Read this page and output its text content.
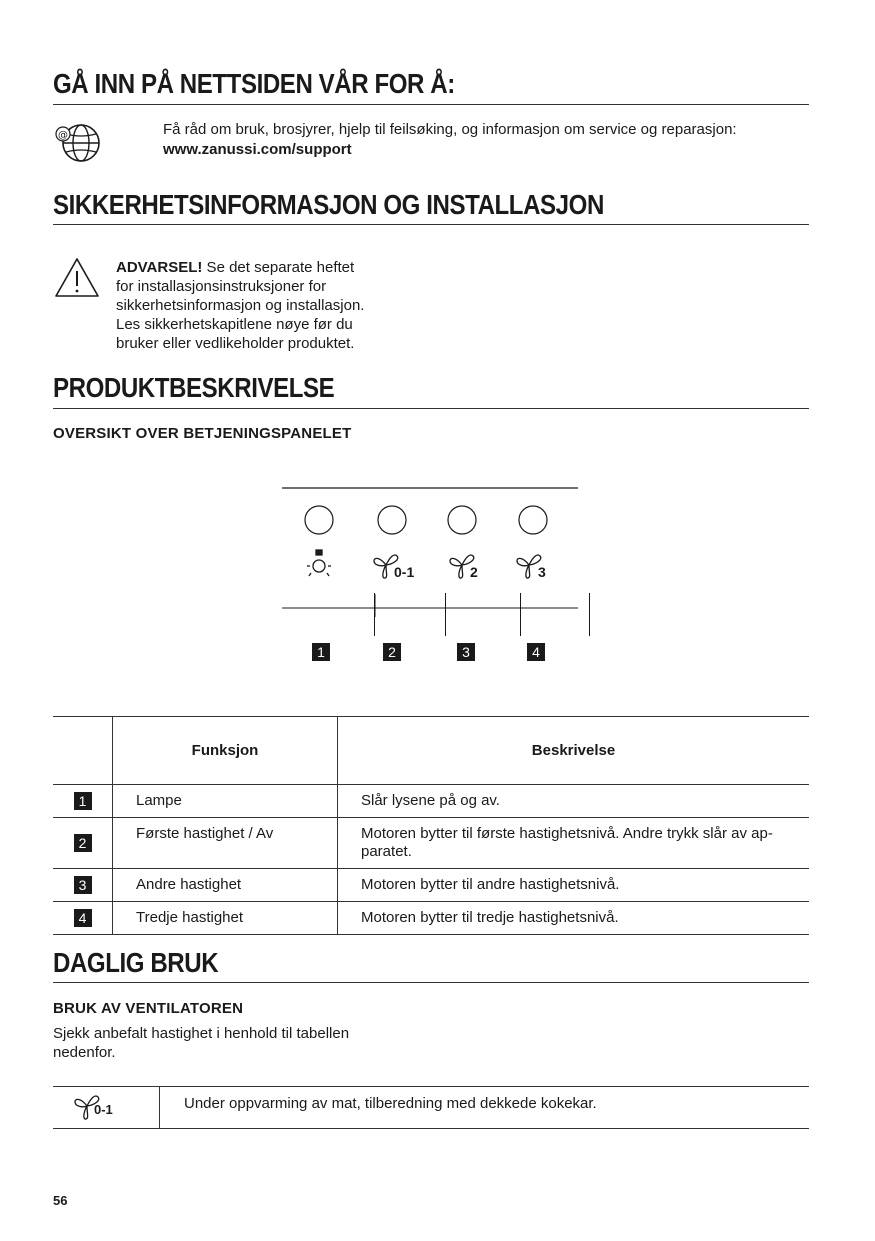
GÅ INN PÅ NETTSIDEN VÅR FOR Å:
@	Få råd om bruk, brosjyrer, hjelp til feilsøking, og informasjon om service og reparasjon:
www.zanussi.com/support
SIKKERHETSINFORMASJON OG INSTALLASJON
ADVARSEL! Se det separate heftet
for installasjonsinstruksjoner for
sikkerhetsinformasjon og installasjon.
Les sikkerhetskapitlene nøye før du
bruker eller vedlikeholder produktet.
PRODUKTBESKRIVELSE
OVERSIKT OVER BETJENINGSPANELET
0-1	2	3
1	2	3	4
	Funksjon	Beskrivelse
1	Lampe	Slår lysene på og av.

2	Første hastighet / Av	Motoren bytter til første hastighetsnivå. Andre trykk slår av ap-
paratet.

3	Andre hastighet	Motoren bytter til andre hastighetsnivå.

4	Tredje hastighet	Motoren bytter til tredje hastighetsnivå.
DAGLIG BRUK
BRUK AV VENTILATOREN
Sjekk anbefalt hastighet i henhold til tabellen
nedenfor.
0-1	Under oppvarming av mat, tilberedning med dekkede kokekar.
56
